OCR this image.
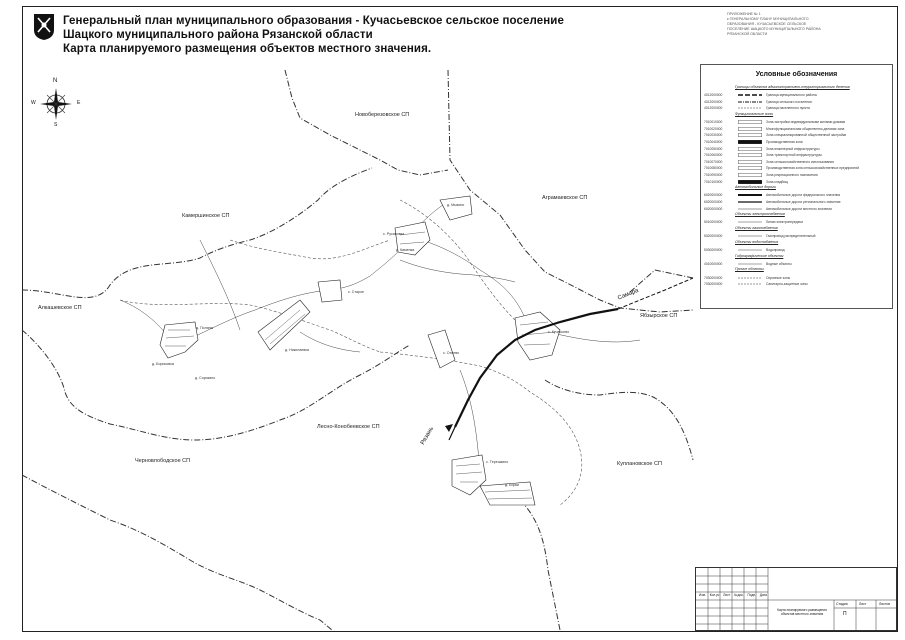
Генеральный план муниципального образования - Кучасьевское сельское поселение
Шацкого муниципального района Рязанской области
Карта планируемого размещения объектов местного значения.
ПРИЛОЖЕНИЕ № 1
к ГЕНЕРАЛЬНОМУ ПЛАНУ МУНИЦИПАЛЬНОГО
ОБРАЗОВАНИЯ - КУЧАСЬЕВСКОЕ СЕЛЬСКОЕ
ПОСЕЛЕНИЕ ШАЦКОГО МУНИЦИПАЛЬНОГО РАЙОНА
РЯЗАНСКОЙ ОБЛАСТИ
N
S
W	E
Новоберезовское СП
Камершинское СП
Аграмаевское СП
Алкашевское СП
Ябзырское СП
Лесно-Конобеевское СП
Черновлободское СП	Куплановское СП
с. Кучасьево
с. Старое
д. Поляны
д. Мызино
с. Русановка
д. Николаевка
д. Борисовка
с. Отеево
с. Терешкино
д. Борки
д. Сорокино
д. Каменка
Самара
Рязань
Условные обозначения
Границы объектов административно-территориального деления
4012000000	Граница муниципального района
4012000000	Граница сельского поселения
4012000000	Граница населенного пункта
Функциональные зоны
7010010000	Зона застройки индивидуальными жилыми домами
7010020000	Многофункциональная общественно-деловая зона
7010030000	Зона специализированной общественной застройки
7010040000	Производственная зона
7010050000	Зона инженерной инфраструктуры
7010060000	Зона транспортной инфраструктуры
7010070000	Зона сельскохозяйственного использования
7010080000	Производственная зона сельскохозяйственных предприятий
7010090000	Зона рекреационного назначения
7010100000	Зона кладбищ
Автомобильные дороги
6020000000	Автомобильные дороги федерального значения
6020000000	Автомобильные дороги регионального значения
6020000000	Автомобильные дороги местного значения
Объекты электроснабжения
5010000000	Линии электропередачи
Объекты газоснабжения
5020000000	Газопровод распределительный
Объекты водоснабжения
5030000000	Водопровод
Гидрографические объекты
4010000000	Водные объекты
Прочие объекты
7030000000	Охранные зоны
7030000000	Санитарно-защитные зоны
Изм. Кол.уч Лист №док. Подп. Дата
Карта планируемого размещения объектов местного значения
Стадия	Лист	Листов
П
